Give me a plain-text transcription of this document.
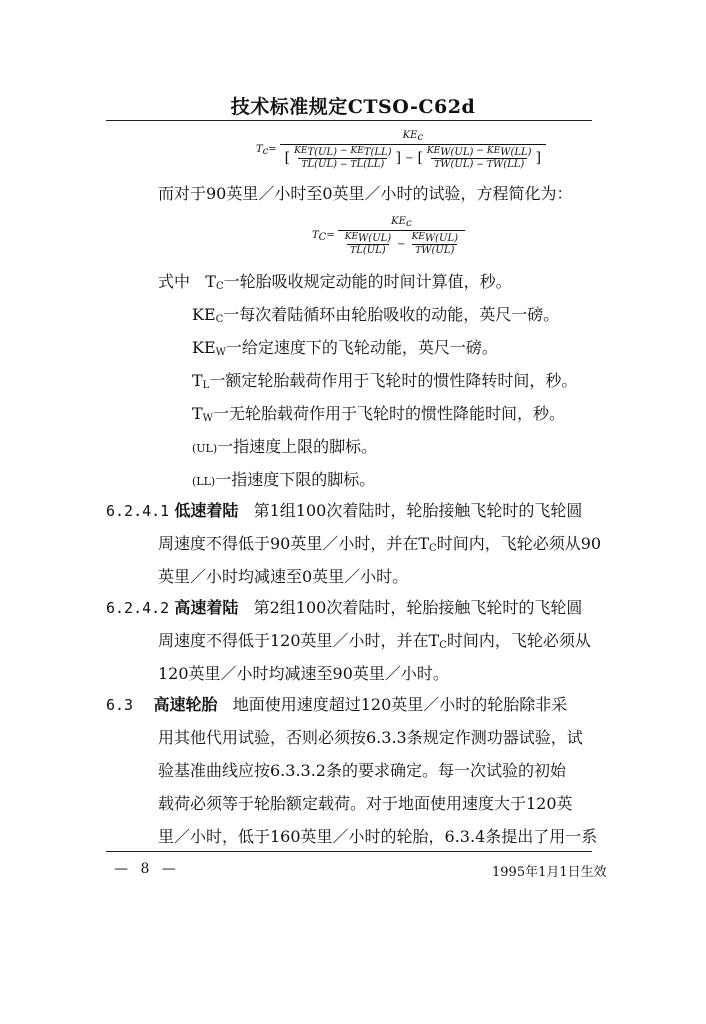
技术标准规定CTSO-C62d
Tc=
KEc
[ $\frac{\text{KET(UL) − KET(LL)}}{\text{T L(UL) − T L(LL)}}$ ] − [ $\frac{\text{KEW(UL) − KEW(LL)}}{\text{T W(UL) − T W(LL)}}$ ]
而对于90英里／小时至0英里／小时的试验，方程简化为：
TC=
KEc
$\frac{\text{KEW(UL)}}{\text{T L(UL)}} - \frac{\text{KEW(UL)}}{\text{T W(UL)}}$
式中 $T_C$一轮胎吸收规定动能的时间计算值，秒。
$KE_C$一每次着陆循环由轮胎吸收的动能，英尺一磅。
$KE_W$一给定速度下的飞轮动能，英尺一磅。
$T_L$一额定轮胎载荷作用于飞轮时的惯性降转时间，秒。
$T_W$一无轮胎载荷作用于飞轮时的惯性降能时间，秒。
(UL)一指速度上限的脚标。
(LL)一指速度下限的脚标。
6.2.4.1 低速着陆 第1组100次着陆时，轮胎接触飞轮时的飞轮圆
周速度不得低于90英里／小时，并在$T_C$时间内，飞轮必须从90
英里／小时均减速至0英里／小时。
6.2.4.2 高速着陆 第2组100次着陆时，轮胎接触飞轮时的飞轮圆
周速度不得低于120英里／小时，并在$T_C$时间内，飞轮必须从
120英里／小时均减速至90英里／小时。
6.3 高速轮胎 地面使用速度超过120英里／小时的轮胎除非采
用其他代用试验，否则必须按6.3.3条规定作测功器试验，试
验基准曲线应按6.3.3.2条的要求确定。每一次试验的初始
载荷必须等于轮胎额定载荷。对于地面使用速度大于120英
里／小时，低于160英里／小时的轮胎，6.3.4条提出了用一系
— 8 —	1995年1月1日生效
